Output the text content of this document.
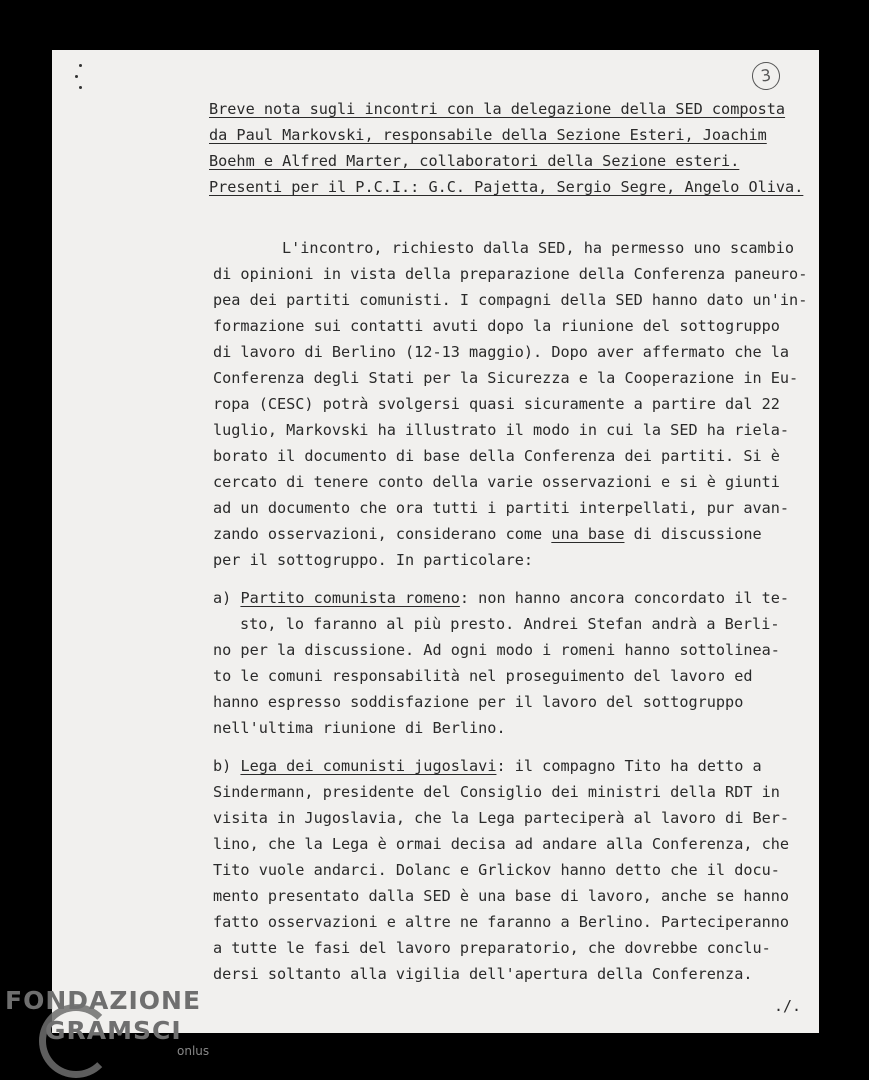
3
Breve nota sugli incontri con la delegazione della SED composta
da Paul Markovski, responsabile della Sezione Esteri, Joachim
Boehm e Alfred Marter, collaboratori della Sezione esteri.
Presenti per il P.C.I.: G.C. Pajetta, Sergio Segre, Angelo Oliva.
L'incontro, richiesto dalla SED, ha permesso uno scambio
di opinioni in vista della preparazione della Conferenza paneuro-
pea dei partiti comunisti. I compagni della SED hanno dato un'in-
formazione sui contatti avuti dopo la riunione del sottogruppo
di lavoro di Berlino (12-13 maggio). Dopo aver affermato che la
Conferenza degli Stati per la Sicurezza e la Cooperazione in Eu-
ropa (CESC) potrà svolgersi quasi sicuramente a partire dal 22
luglio, Markovski ha illustrato il modo in cui la SED ha riela-
borato il documento di base della Conferenza dei partiti. Si è
cercato di tenere conto della varie osservazioni e si è giunti
ad un documento che ora tutti i partiti interpellati, pur avan-
zando osservazioni, considerano come una base di discussione
per il sottogruppo. In particolare:
a) Partito comunista romeno: non hanno ancora concordato il te-
sto, lo faranno al più presto. Andrei Stefan andrà a Berli-
no per la discussione. Ad ogni modo i romeni hanno sottolinea-
to le comuni responsabilità nel proseguimento del lavoro ed
hanno espresso soddisfazione per il lavoro del sottogruppo
nell'ultima riunione di Berlino.
b) Lega dei comunisti jugoslavi: il compagno Tito ha detto a
Sindermann, presidente del Consiglio dei ministri della RDT in
visita in Jugoslavia, che la Lega parteciperà al lavoro di Ber-
lino, che la Lega è ormai decisa ad andare alla Conferenza, che
Tito vuole andarci. Dolanc e Grlickov hanno detto che il docu-
mento presentato dalla SED è una base di lavoro, anche se hanno
fatto osservazioni e altre ne faranno a Berlino. Parteciperanno
a tutte le fasi del lavoro preparatorio, che dovrebbe conclu-
dersi soltanto alla vigilia dell'apertura della Conferenza.
./.
FONDAZIONE
GRAMSCI
onlus
